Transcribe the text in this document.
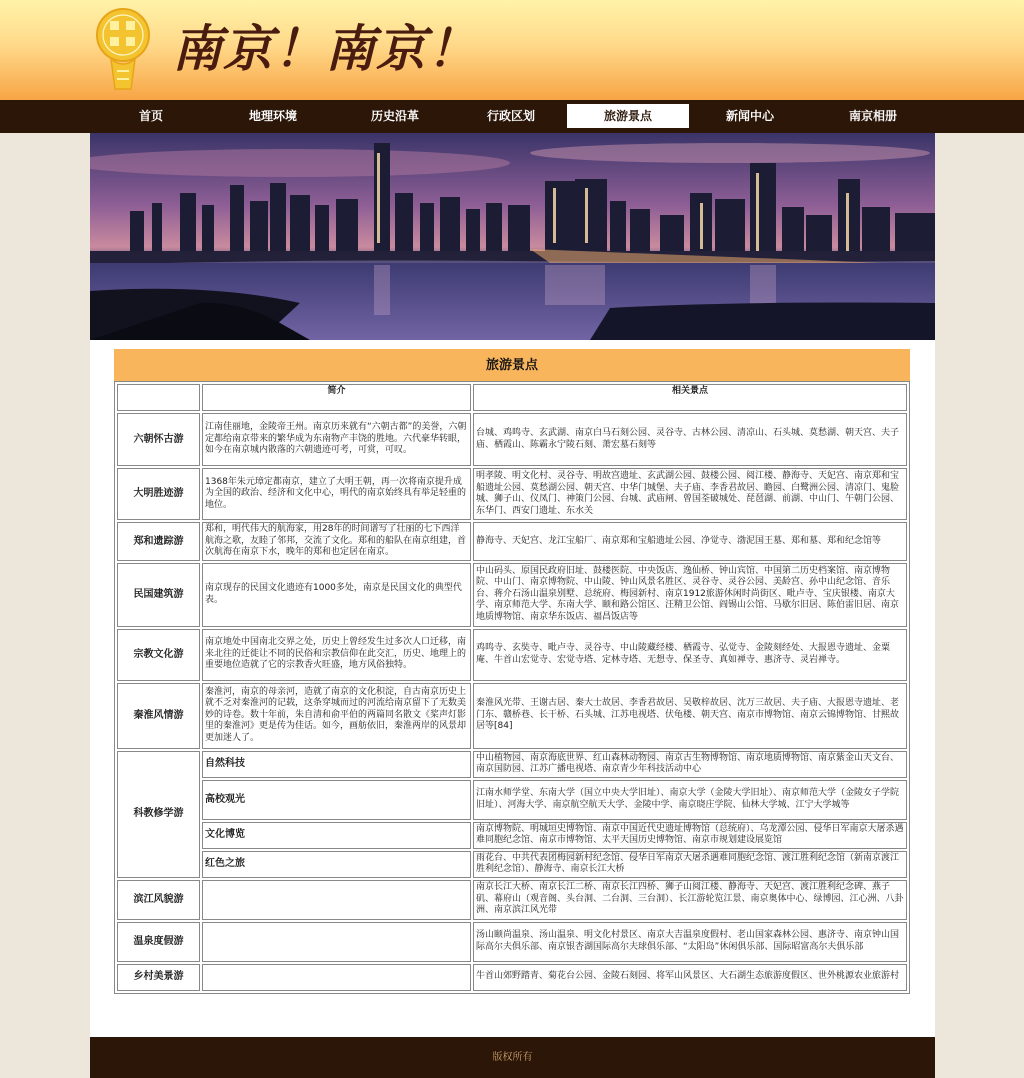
南京！南京！
首页	地理环境	历史沿革	行政区划	旅游景点	新闻中心	南京相册
旅游景点
	简介	相关景点
六朝怀古游	江南佳丽地，金陵帝王州。南京历来就有“六朝古都”的美誉，六朝定都给南京带来的繁华成为东南物产丰饶的胜地。六代豪华转眼，如今在南京城内散落的六朝遗迹可考，可赏，可叹。	台城、鸡鸣寺、玄武湖、南京白马石刻公园、灵谷寺、古林公园、清凉山、石头城、莫愁湖、朝天宫、夫子庙、栖霞山、陈霸永宁陵石刻、萧宏墓石刻等
大明胜迹游	1368年朱元璋定都南京，建立了大明王朝，再一次将南京提升成为全国的政治、经济和文化中心，明代的南京始终具有举足轻重的地位。	明孝陵、明文化村、灵谷寺、明故宫遗址、玄武湖公园、鼓楼公园、阅江楼、静海寺、天妃宫、南京郑和宝船遗址公园、莫愁湖公园、朝天宫、中华门城堡、夫子庙、李香君故居、瞻园、白鹭洲公园、清凉门、鬼脸城、狮子山、仪凤门、神策门公园、台城、武庙闸、曾国荃破城处、琵琶湖、前湖、中山门、午朝门公园、东华门、西安门遗址、东水关
郑和遗踪游	郑和，明代伟大的航海家，用28年的时间谱写了壮丽的七下西洋航海之歌，友睦了邻邦，交流了文化。郑和的船队在南京组建，首次航海在南京下水，晚年的郑和也定居在南京。	静海寺、天妃宫、龙江宝船厂、南京郑和宝船遗址公园、净觉寺、渤泥国王墓、郑和墓、郑和纪念馆等
民国建筑游	南京现存的民国文化遗迹有1000多处，南京是民国文化的典型代表。	中山码头、原国民政府旧址、鼓楼医院、中央饭店、逸仙桥、钟山宾馆、中国第二历史档案馆、南京博物院、中山门、南京博物院、中山陵、钟山风景名胜区、灵谷寺、灵谷公园、美龄宫、孙中山纪念馆、音乐台、蒋介石汤山温泉别墅、总统府、梅园新村、南京1912旅游休闲时尚街区、毗卢寺、宝庆银楼、南京大学、南京师范大学、东南大学、颐和路公馆区、汪精卫公馆、阎锡山公馆、马歇尔旧居、陈伯雷旧居、南京地质博物馆、南京华东饭店、福昌饭店等
宗教文化游	南京地处中国南北交界之处，历史上曾经发生过多次人口迁移，南来北往的迁徙让不同的民俗和宗教信仰在此交汇，历史、地理上的重要地位造就了它的宗教香火旺盛，地方风俗独特。	鸡鸣寺、玄奘寺、毗卢寺、灵谷寺、中山陵藏经楼、栖霞寺、弘觉寺、金陵刻经处、大报恩寺遗址、金粟庵、牛首山宏觉寺、宏觉寺塔、定林寺塔、无想寺、保圣寺、真如禅寺、惠济寺、灵岩禅寺。
秦淮风情游	秦淮河，南京的母亲河，造就了南京的文化积淀，自古南京历史上就不乏对秦淮河的记载，这条穿城而过的河流给南京留下了无数美妙的诗卷。数十年前，朱自清和俞平伯的两篇同名散文《桨声灯影里的秦淮河》更是传为佳话。如今，画舫依旧，秦淮两岸的风景却更加迷人了。	秦淮风光带、王谢古居、秦大士故居、李香君故居、吴敬梓故居、沈万三故居、夫子庙、大报恩寺遗址、老门东、赣桥巷、长干桥、石头城、江苏电视塔、伏龟楼、朝天宫、南京市博物馆、南京云锦博物馆、甘熙故居等[84]
科教修学游	自然科技	中山植物园、南京海底世界、红山森林动物园、南京古生物博物馆、南京地质博物馆、南京紫金山天文台、南京国防园、江苏广播电视塔、南京青少年科技活动中心
	高校观光	江南水师学堂、东南大学（国立中央大学旧址）、南京大学（金陵大学旧址）、南京师范大学（金陵女子学院旧址）、河海大学、南京航空航天大学、金陵中学、南京晓庄学院、仙林大学城、江宁大学城等
	文化博览	南京博物院、明城垣史博物馆、南京中国近代史遗址博物馆（总统府）、乌龙潭公园、侵华日军南京大屠杀遇难同胞纪念馆、南京市博物馆、太平天国历史博物馆、南京市规划建设展览馆
	红色之旅	雨花台、中共代表团梅园新村纪念馆、侵华日军南京大屠杀遇难同胞纪念馆、渡江胜利纪念馆（新南京渡江胜利纪念馆）、静海寺、南京长江大桥
滨江风貌游		南京长江大桥、南京长江二桥、南京长江四桥、狮子山阅江楼、静海寺、天妃宫、渡江胜利纪念碑、燕子矶、幕府山（观音阁、头台洞、二台洞、三台洞）、长江游轮览江景、南京奥体中心、绿博园、江心洲、八卦洲、南京滨江风光带
温泉度假游		汤山颐尚温泉、汤山温泉、明文化村景区、南京大吉温泉度假村、老山国家森林公园、惠济寺、南京钟山国际高尔夫俱乐部、南京银杏湖国际高尔夫球俱乐部、“太阳岛”休闲俱乐部、国际昭富高尔夫俱乐部
乡村美景游		牛首山郊野踏青、菊花台公园、金陵石刻园、将军山风景区、大石湖生态旅游度假区、世外桃源农业旅游村
版权所有
